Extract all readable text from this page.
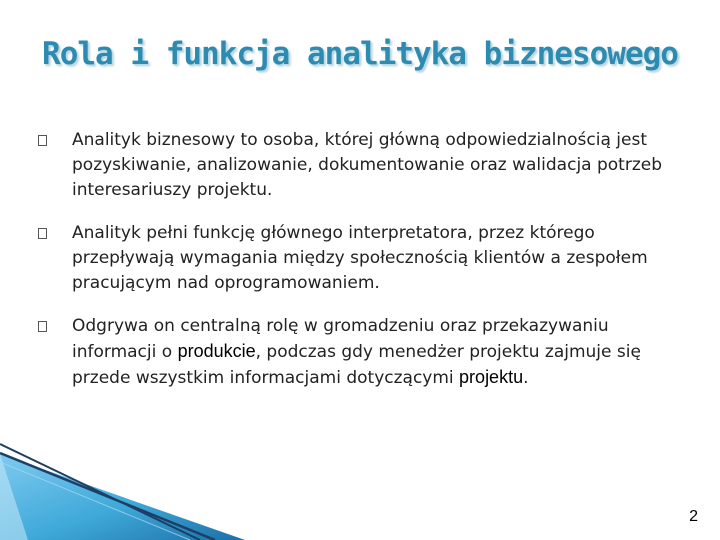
Rola i funkcja analityka biznesowego
Analityk biznesowy to osoba, której główną odpowiedzialnością jest pozyskiwanie, analizowanie, dokumentowanie oraz walidacja potrzeb interesariuszy projektu.
Analityk pełni funkcję głównego interpretatora, przez którego przepływają wymagania między społecznością klientów a zespołem pracującym nad oprogramowaniem.
Odgrywa on centralną rolę w gromadzeniu oraz przekazywaniu informacji o produkcie, podczas gdy menedżer projektu zajmuje się przede wszystkim informacjami dotyczącymi projektu.
2
